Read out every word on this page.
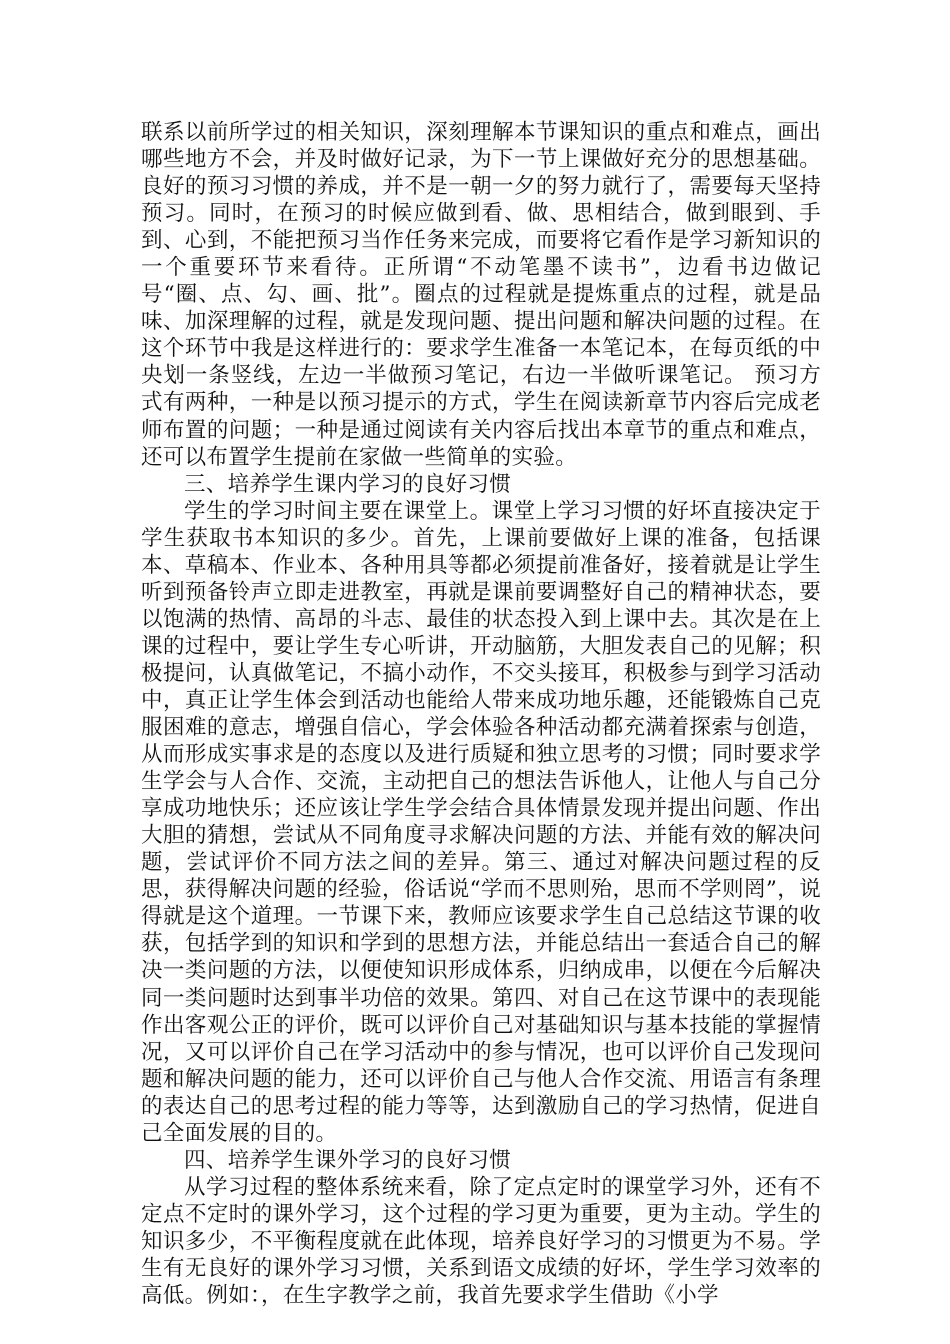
联系以前所学过的相关知识，深刻理解本节课知识的重点和难点，画出哪些地方不会，并及时做好记录，为下一节上课做好充分的思想基础。良好的预习习惯的养成，并不是一朝一夕的努力就行了，需要每天坚持预习。同时，在预习的时候应做到看、做、思相结合，做到眼到、手到、心到，不能把预习当作任务来完成，而要将它看作是学习新知识的一个重要环节来看待。正所谓“不动笔墨不读书”，边看书边做记号“圈、点、勾、画、批”。圈点的过程就是提炼重点的过程，就是品味、加深理解的过程，就是发现问题、提出问题和解决问题的过程。在这个环节中我是这样进行的：要求学生准备一本笔记本，在每页纸的中央划一条竖线，左边一半做预习笔记，右边一半做听课笔记。 预习方式有两种，一种是以预习提示的方式，学生在阅读新章节内容后完成老师布置的问题；一种是通过阅读有关内容后找出本章节的重点和难点，还可以布置学生提前在家做一些简单的实验。

三、培养学生课内学习的良好习惯

学生的学习时间主要在课堂上。课堂上学习习惯的好坏直接决定于学生获取书本知识的多少。首先，上课前要做好上课的准备，包括课本、草稿本、作业本、各种用具等都必须提前准备好，接着就是让学生听到预备铃声立即走进教室，再就是课前要调整好自己的精神状态，要以饱满的热情、高昂的斗志、最佳的状态投入到上课中去。其次是在上课的过程中，要让学生专心听讲，开动脑筋，大胆发表自己的见解；积极提问，认真做笔记，不搞小动作，不交头接耳，积极参与到学习活动中，真正让学生体会到活动也能给人带来成功地乐趣，还能锻炼自己克服困难的意志，增强自信心，学会体验各种活动都充满着探索与创造，从而形成实事求是的态度以及进行质疑和独立思考的习惯；同时要求学生学会与人合作、交流，主动把自己的想法告诉他人，让他人与自己分享成功地快乐；还应该让学生学会结合具体情景发现并提出问题、作出大胆的猜想，尝试从不同角度寻求解决问题的方法、并能有效的解决问题，尝试评价不同方法之间的差异。第三、通过对解决问题过程的反思，获得解决问题的经验，俗话说“学而不思则殆，思而不学则罔”，说得就是这个道理。一节课下来，教师应该要求学生自己总结这节课的收获，包括学到的知识和学到的思想方法，并能总结出一套适合自己的解决一类问题的方法，以便使知识形成体系，归纳成串，以便在今后解决同一类问题时达到事半功倍的效果。第四、对自己在这节课中的表现能作出客观公正的评价，既可以评价自己对基础知识与基本技能的掌握情况，又可以评价自己在学习活动中的参与情况，也可以评价自己发现问题和解决问题的能力，还可以评价自己与他人合作交流、用语言有条理的表达自己的思考过程的能力等等，达到激励自己的学习热情，促进自己全面发展的目的。

四、培养学生课外学习的良好习惯

从学习过程的整体系统来看，除了定点定时的课堂学习外，还有不定点不定时的课外学习，这个过程的学习更为重要，更为主动。学生的知识多少，不平衡程度就在此体现，培养良好学习的习惯更为不易。学生有无良好的课外学习习惯，关系到语文成绩的好坏，学生学习效率的高低。例如：，在生字教学之前，我首先要求学生借助《小学
